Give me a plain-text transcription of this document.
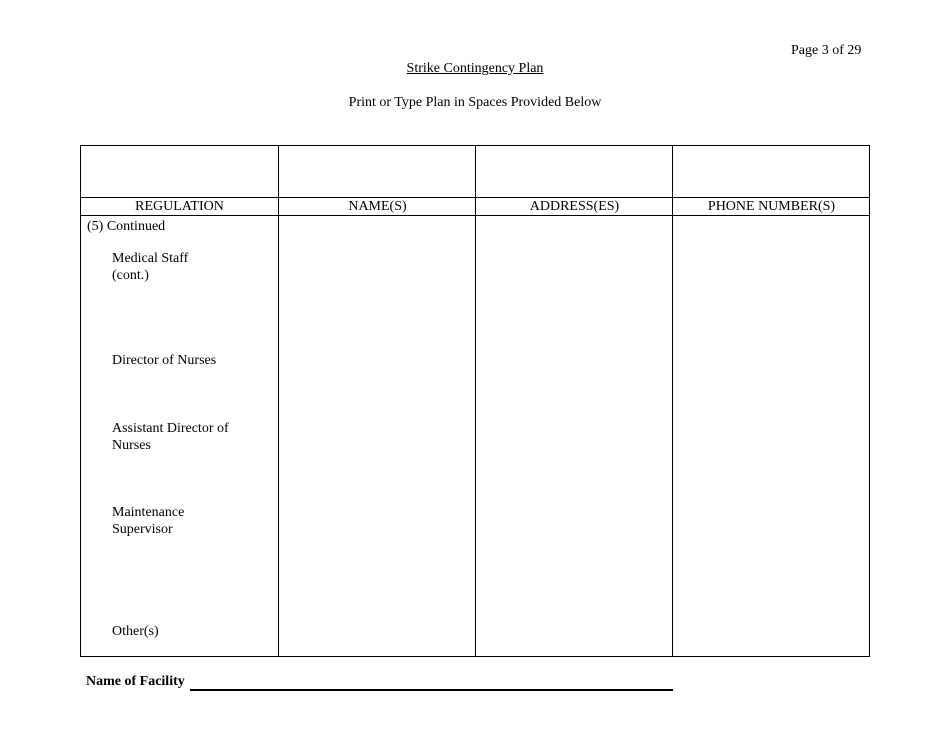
Page 3 of 29
Strike Contingency Plan
Print or Type Plan in Spaces Provided Below
REGULATION	NAME(S)	ADDRESS(ES)	PHONE NUMBER(S)
(5) Continued
Medical Staff
(cont.)
Director of Nurses
Assistant Director of
Nurses
Maintenance
Supervisor
Other(s)
Name of Facility
